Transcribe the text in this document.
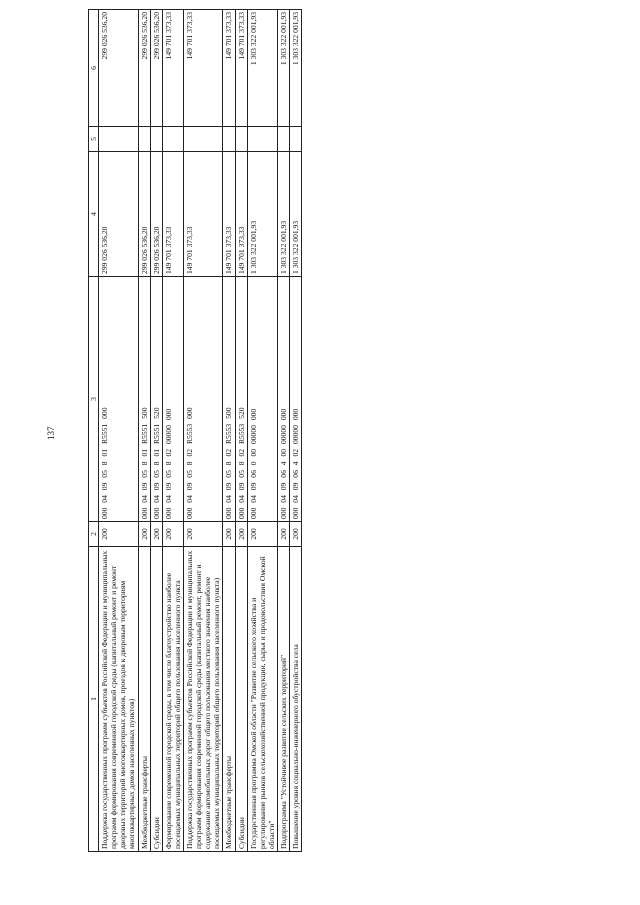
137
1	2	3	4	5	6
Поддержка государственных программ субъектов Российской Федерации и муниципальных программ формирования современной городской среды (капитальный ремонт и ремонт дворовых территорий многоквартирных домов, проездов к дворовым территориям многоквартирных домов населенных пунктов)	200	000 04 09 05 8 01 R5551 000	299 026 536,20		299 026 536,20
Межбюджетные трансферты	200	000 04 09 05 8 01 R5551 500	299 026 536,20		299 026 536,20
Субсидии	200	000 04 09 05 8 01 R5551 520	299 026 536,20		299 026 536,20
Формирование современной городской среды, в том числе благоустройство наиболее посещаемых муниципальных территорий общего пользования населенного пункта	200	000 04 09 05 8 02 00000 000	149 701 373,33		149 701 373,33
Поддержка государственных программ субъектов Российской Федерации и муниципальных программ формирования современной городской среды (капитальный ремонт, ремонт и содержание автомобильных дорог общего пользования местного значения наиболее посещаемых муниципальных территорий общего пользования населенного пункта)	200	000 04 09 05 8 02 R5553 000	149 701 373,33		149 701 373,33
Межбюджетные трансферты	200	000 04 09 05 8 02 R5553 500	149 701 373,33		149 701 373,33
Субсидии	200	000 04 09 05 8 02 R5553 520	149 701 373,33		149 701 373,33
Государственная программа Омской области "Развитие сельского хозяйства и регулирование рынков сельскохозяйственной продукции, сырья и продовольствия Омской области"	200	000 04 09 06 0 00 00000 000	1 303 322 001,93		1 303 322 001,93
Подпрограмма "Устойчивое развитие сельских территорий"	200	000 04 09 06 4 00 00000 000	1 303 322 001,93		1 303 322 001,93
Повышение уровня социально-инженерного обустройства села	200	000 04 09 06 4 02 00000 000	1 303 322 001,93		1 303 322 001,93
